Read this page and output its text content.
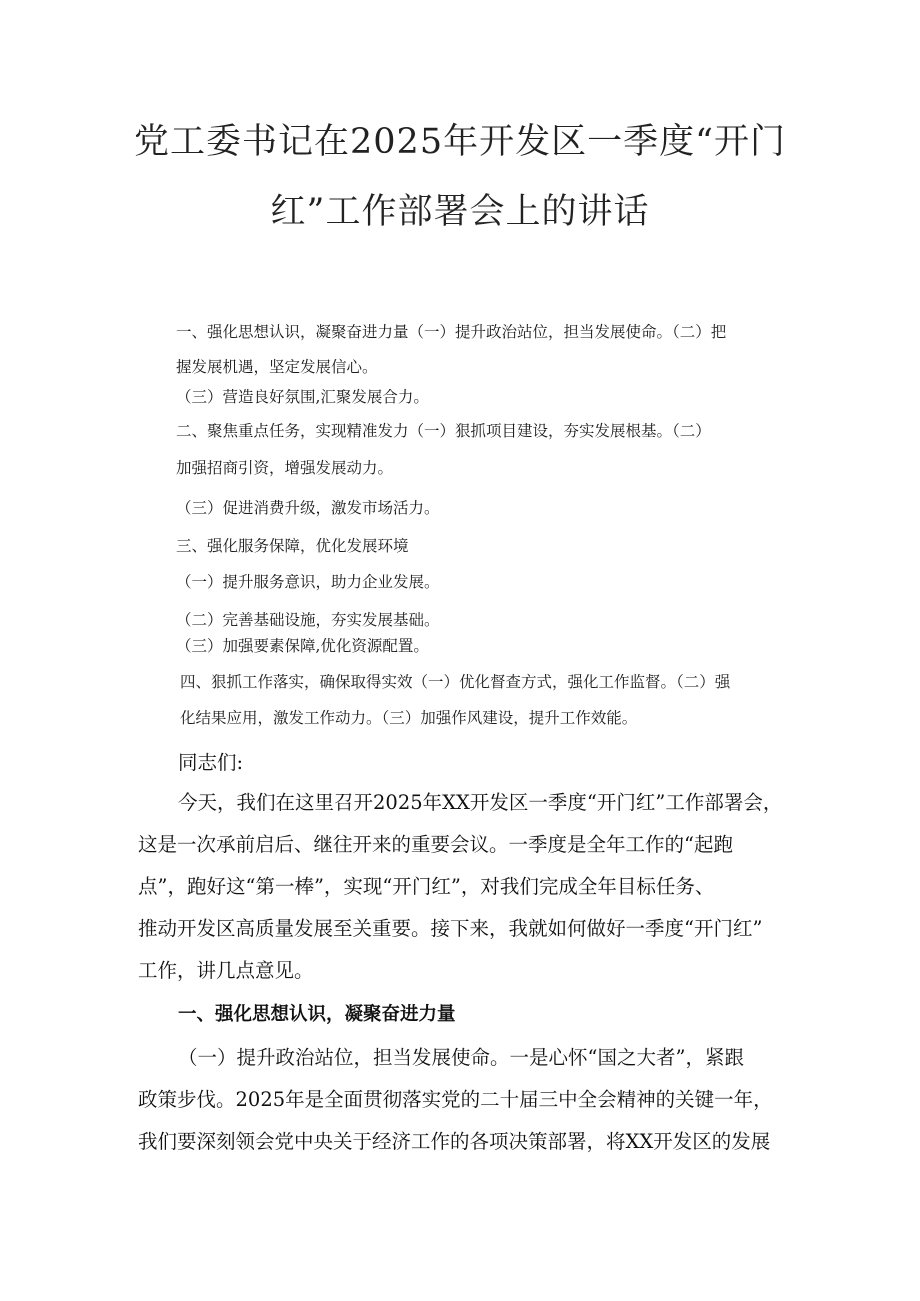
党工委书记在2025年开发区一季度“开门
红”工作部署会上的讲话
一、强化思想认识，凝聚奋进力量（一）提升政治站位，担当发展使命。（二）把
握发展机遇，坚定发展信心。
（三）营造良好氛围,汇聚发展合力。
二、聚焦重点任务，实现精准发力（一）狠抓项目建设，夯实发展根基。（二）
加强招商引资，增强发展动力。
（三）促进消费升级，激发市场活力。
三、强化服务保障，优化发展环境
（一）提升服务意识，助力企业发展。
（二）完善基础设施，夯实发展基础。
（三）加强要素保障,优化资源配置。
四、狠抓工作落实，确保取得实效（一）优化督查方式，强化工作监督。（二）强
化结果应用，激发工作动力。（三）加强作风建设，提升工作效能。
同志们:
今天，我们在这里召开2025年XX开发区一季度“开门红”工作部署会，
这是一次承前启后、继往开来的重要会议。一季度是全年工作的“起跑
点”，跑好这“第一棒”，实现“开门红”，对我们完成全年目标任务、
推动开发区高质量发展至关重要。接下来，我就如何做好一季度“开门红”
工作，讲几点意见。
一、强化思想认识，凝聚奋进力量
（一）提升政治站位，担当发展使命。一是心怀“国之大者”，紧跟
政策步伐。2025年是全面贯彻落实党的二十届三中全会精神的关键一年，
我们要深刻领会党中央关于经济工作的各项决策部署，将XX开发区的发展
